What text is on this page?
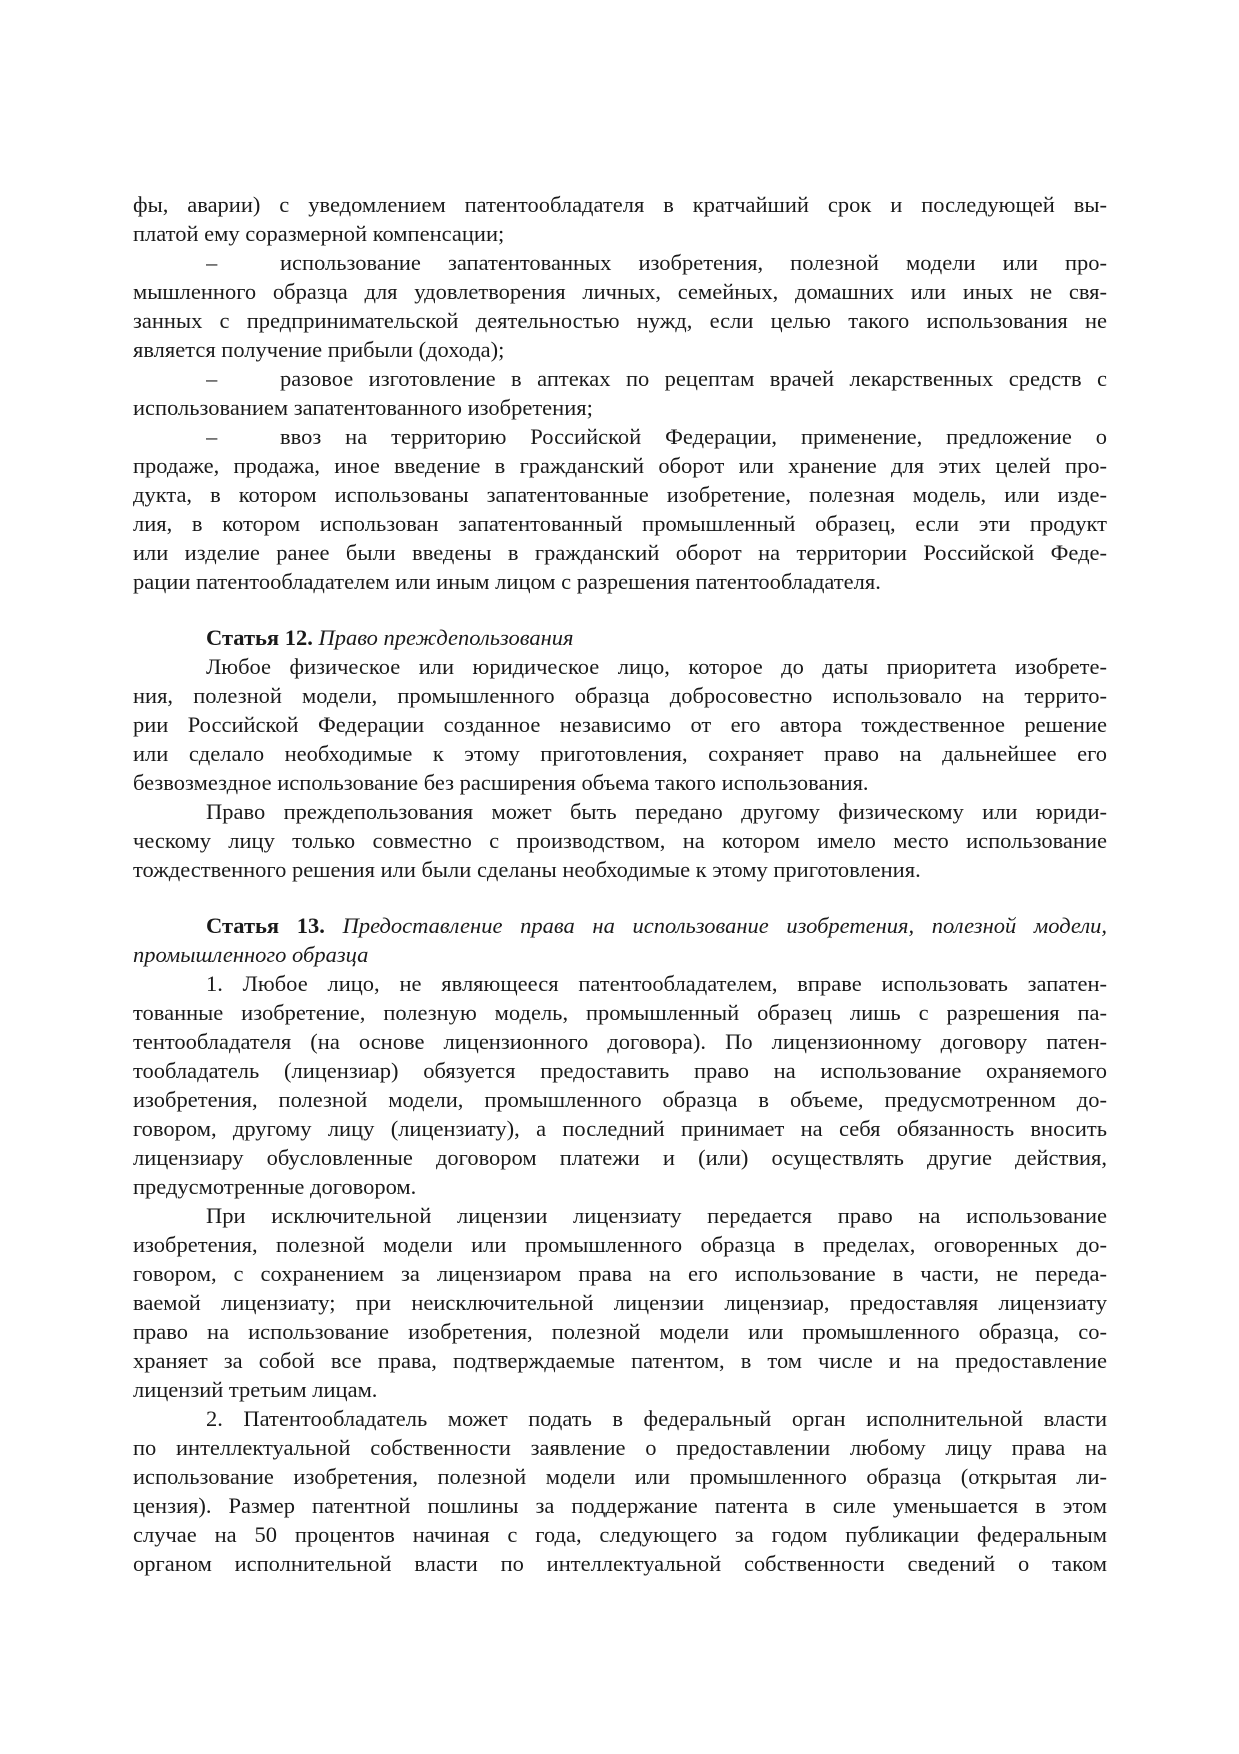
фы, аварии) с уведомлением патентообладателя в кратчайший срок и последующей вы-
платой ему соразмерной компенсации;
–	использование запатентованных изобретения, полезной модели или про-
мышленного образца для удовлетворения личных, семейных, домашних или иных не свя-
занных с предпринимательской деятельностью нужд, если целью такого использования не
является получение прибыли (дохода);
–	разовое изготовление в аптеках по рецептам врачей лекарственных средств с
использованием запатентованного изобретения;
–	ввоз на территорию Российской Федерации, применение, предложение о
продаже, продажа, иное введение в гражданский оборот или хранение для этих целей про-
дукта, в котором использованы запатентованные изобретение, полезная модель, или изде-
лия, в котором использован запатентованный промышленный образец, если эти продукт
или изделие ранее были введены в гражданский оборот на территории Российской Феде-
рации патентообладателем или иным лицом с разрешения патентообладателя.
Статья 12. Право преждепользования
Любое физическое или юридическое лицо, которое до даты приоритета изобрете-
ния, полезной модели, промышленного образца добросовестно использовало на террито-
рии Российской Федерации созданное независимо от его автора тождественное решение
или сделало необходимые к этому приготовления, сохраняет право на дальнейшее его
безвозмездное использование без расширения объема такого использования.
Право преждепользования может быть передано другому физическому или юриди-
ческому лицу только совместно с производством, на котором имело место использование
тождественного решения или были сделаны необходимые к этому приготовления.
Статья 13. Предоставление права на использование изобретения, полезной модели,
промышленного образца
1. Любое лицо, не являющееся патентообладателем, вправе использовать запатен-
тованные изобретение, полезную модель, промышленный образец лишь с разрешения па-
тентообладателя (на основе лицензионного договора). По лицензионному договору патен-
тообладатель (лицензиар) обязуется предоставить право на использование охраняемого
изобретения, полезной модели, промышленного образца в объеме, предусмотренном до-
говором, другому лицу (лицензиату), а последний принимает на себя обязанность вносить
лицензиару обусловленные договором платежи и (или) осуществлять другие действия,
предусмотренные договором.
При исключительной лицензии лицензиату передается право на использование
изобретения, полезной модели или промышленного образца в пределах, оговоренных до-
говором, с сохранением за лицензиаром права на его использование в части, не переда-
ваемой лицензиату; при неисключительной лицензии лицензиар, предоставляя лицензиату
право на использование изобретения, полезной модели или промышленного образца, со-
храняет за собой все права, подтверждаемые патентом, в том числе и на предоставление
лицензий третьим лицам.
2. Патентообладатель может подать в федеральный орган исполнительной власти
по интеллектуальной собственности заявление о предоставлении любому лицу права на
использование изобретения, полезной модели или промышленного образца (открытая ли-
цензия). Размер патентной пошлины за поддержание патента в силе уменьшается в этом
случае на 50 процентов начиная с года, следующего за годом публикации федеральным
органом исполнительной власти по интеллектуальной собственности сведений о таком
